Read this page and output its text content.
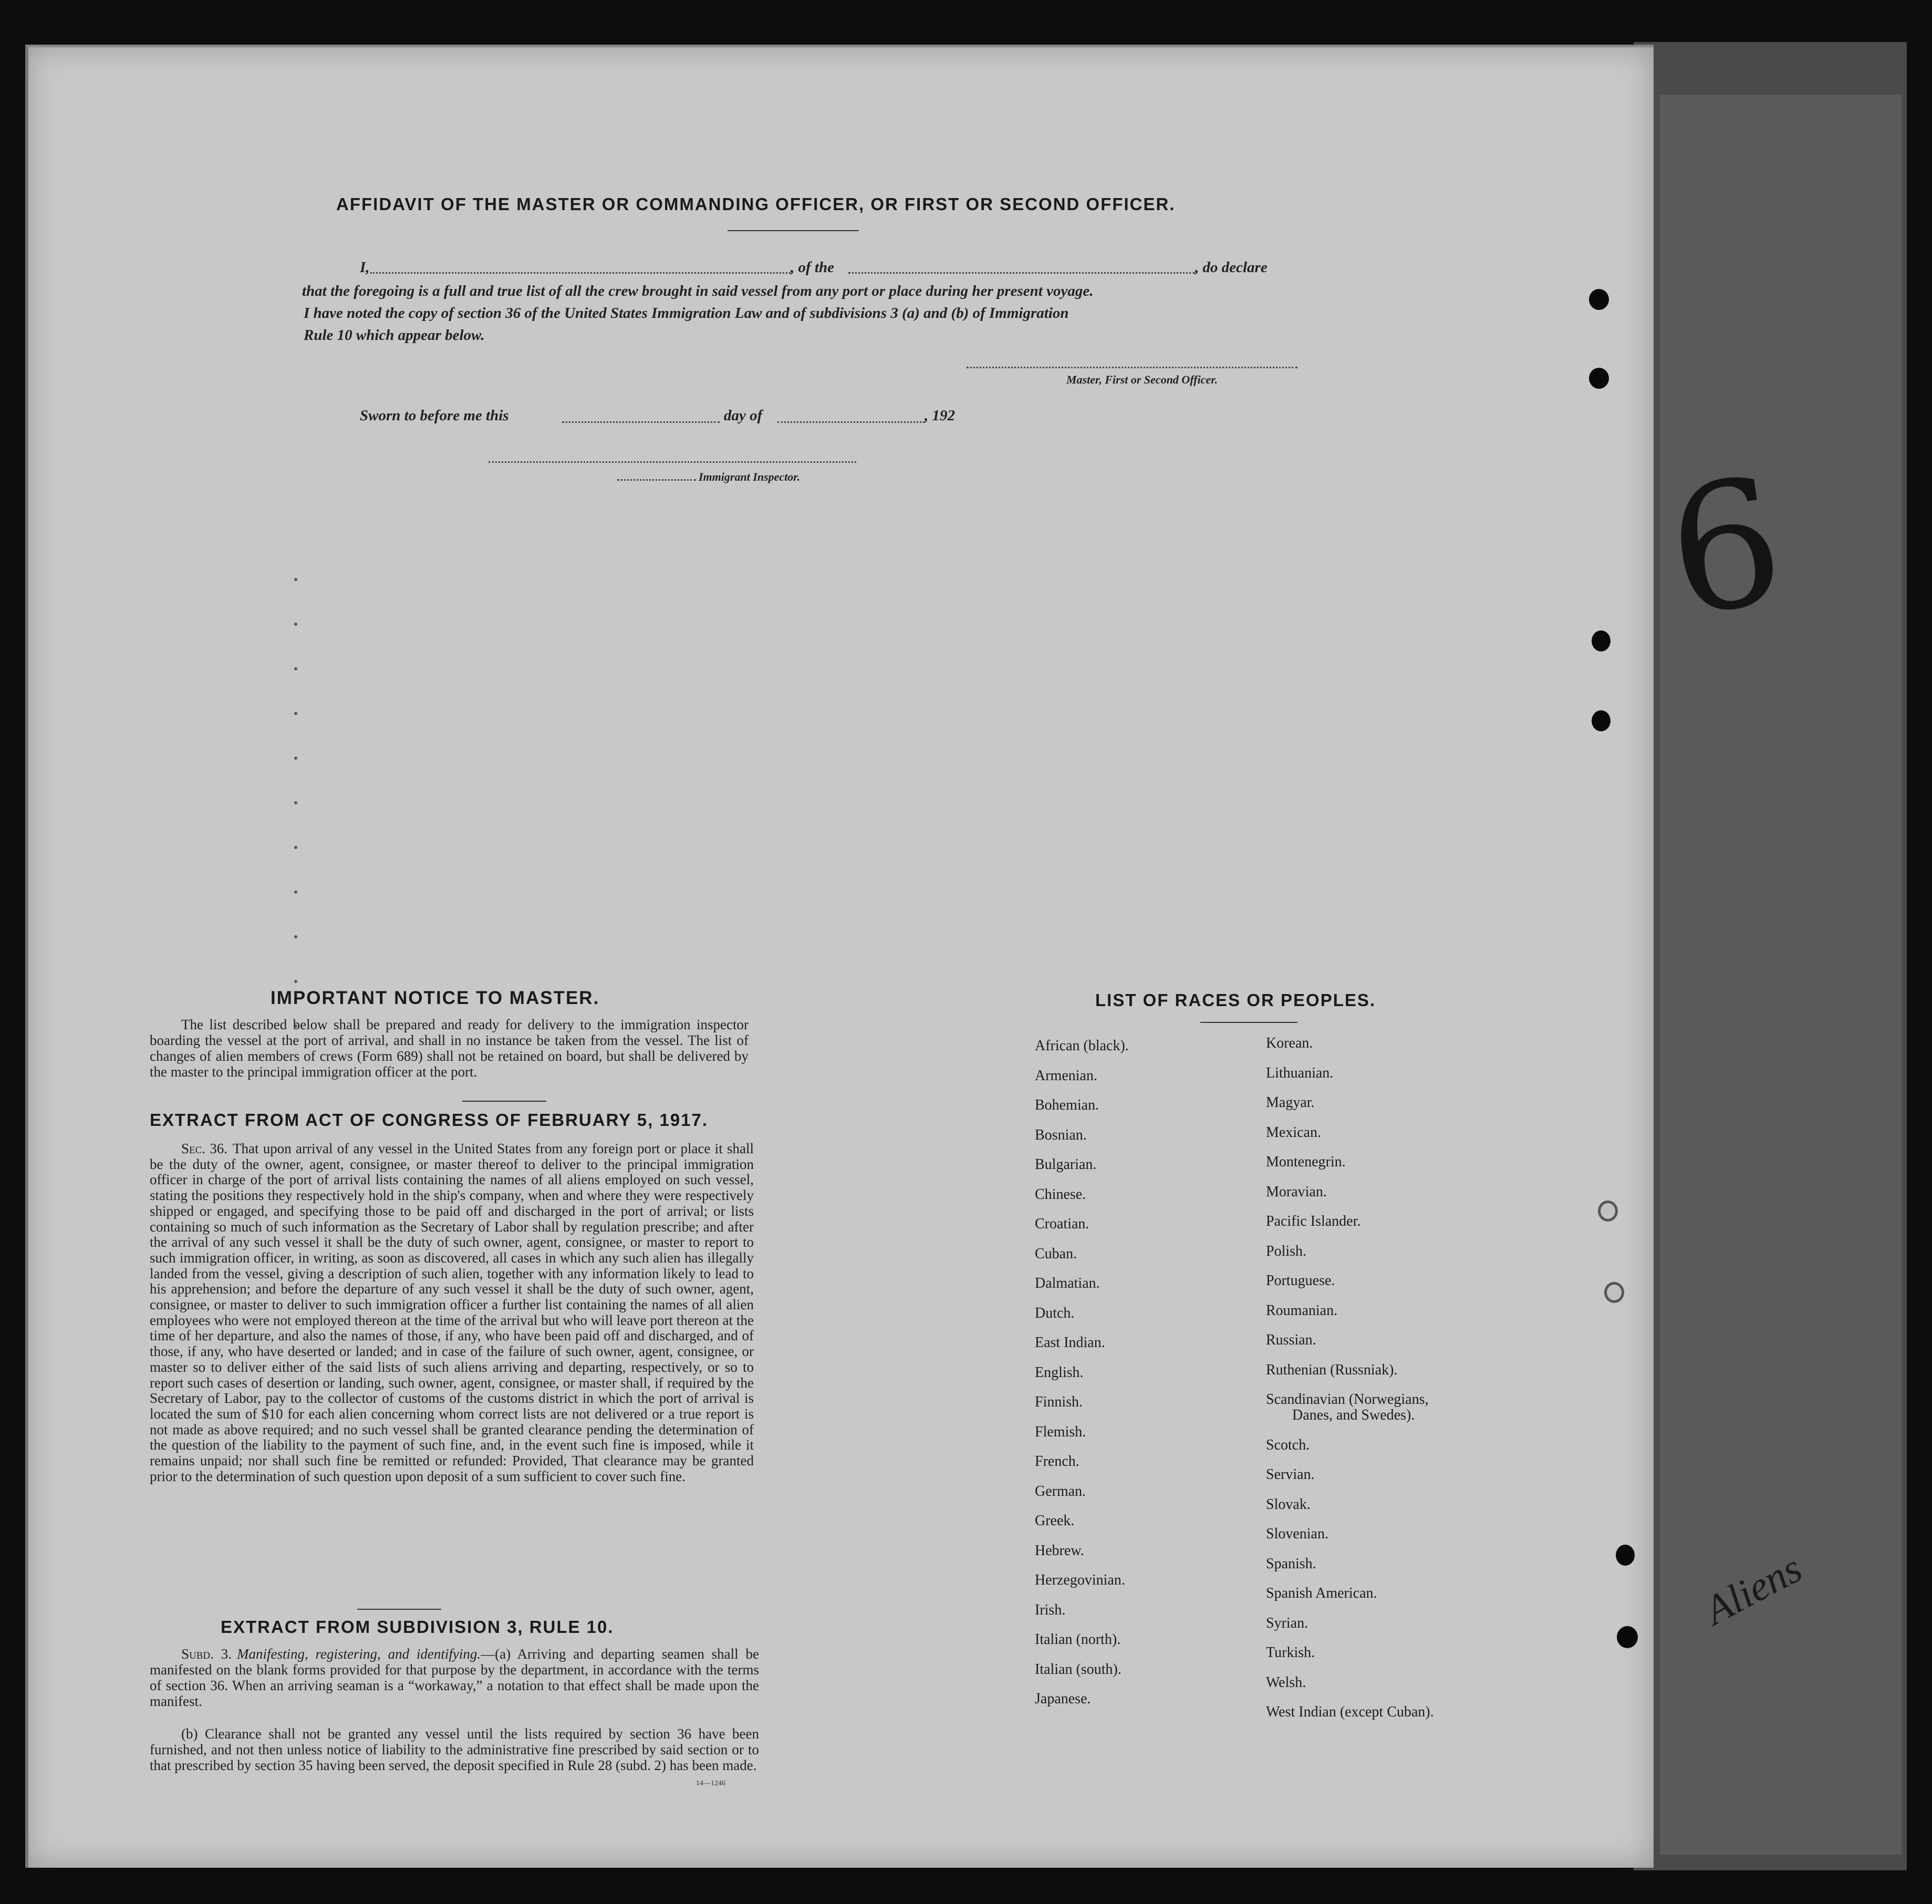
6
Aliens
AFFIDAVIT OF THE MASTER OR COMMANDING OFFICER, OR FIRST OR SECOND OFFICER.
I,	, of the	, do declare
that the foregoing is a full and true list of all the crew brought in said vessel from any port or place during her present voyage.
I have noted the copy of section 36 of the United States Immigration Law and of subdivisions 3 (a) and (b) of Immigration
Rule 10 which appear below.
Master, First or Second Officer.
Sworn to before me this	day of	, 192
Immigrant Inspector.
IMPORTANT NOTICE TO MASTER.
The list described below shall be prepared and ready for delivery to the immigration inspector boarding the vessel at the port of arrival, and shall in no instance be taken from the vessel. The list of changes of alien members of crews (Form 689) shall not be retained on board, but shall be delivered by the master to the principal immigration officer at the port.
EXTRACT FROM ACT OF CONGRESS OF FEBRUARY 5, 1917.
Sec. 36. That upon arrival of any vessel in the United States from any foreign port or place it shall be the duty of the owner, agent, consignee, or master thereof to deliver to the principal immigration officer in charge of the port of arrival lists containing the names of all aliens employed on such vessel, stating the positions they respectively hold in the ship's company, when and where they were respectively shipped or engaged, and specifying those to be paid off and discharged in the port of arrival; or lists containing so much of such information as the Secretary of Labor shall by regulation prescribe; and after the arrival of any such vessel it shall be the duty of such owner, agent, consignee, or master to report to such immigration officer, in writing, as soon as discovered, all cases in which any such alien has illegally landed from the vessel, giving a description of such alien, together with any information likely to lead to his apprehension; and before the departure of any such vessel it shall be the duty of such owner, agent, consignee, or master to deliver to such immigration officer a further list containing the names of all alien employees who were not employed thereon at the time of the arrival but who will leave port thereon at the time of her departure, and also the names of those, if any, who have been paid off and discharged, and of those, if any, who have deserted or landed; and in case of the failure of such owner, agent, consignee, or master so to deliver either of the said lists of such aliens arriving and departing, respectively, or so to report such cases of desertion or landing, such owner, agent, consignee, or master shall, if required by the Secretary of Labor, pay to the collector of customs of the customs district in which the port of arrival is located the sum of $10 for each alien concerning whom correct lists are not delivered or a true report is not made as above required; and no such vessel shall be granted clearance pending the determination of the question of the liability to the payment of such fine, and, in the event such fine is imposed, while it remains unpaid; nor shall such fine be remitted or refunded: Provided, That clearance may be granted prior to the determination of such question upon deposit of a sum sufficient to cover such fine.
EXTRACT FROM SUBDIVISION 3, RULE 10.
Subd. 3. Manifesting, registering, and identifying.—(a) Arriving and departing seamen shall be manifested on the blank forms provided for that purpose by the department, in accordance with the terms of section 36. When an arriving seaman is a “workaway,” a notation to that effect shall be made upon the manifest.
(b) Clearance shall not be granted any vessel until the lists required by section 36 have been furnished, and not then unless notice of liability to the administrative fine prescribed by said section or to that prescribed by section 35 having been served, the deposit specified in Rule 28 (subd. 2) has been made.
14—1246
LIST OF RACES OR PEOPLES.
African (black).
Armenian.
Bohemian.
Bosnian.
Bulgarian.
Chinese.
Croatian.
Cuban.
Dalmatian.
Dutch.
East Indian.
English.
Finnish.
Flemish.
French.
German.
Greek.
Hebrew.
Herzegovinian.
Irish.
Italian (north).
Italian (south).
Japanese.
Korean.
Lithuanian.
Magyar.
Mexican.
Montenegrin.
Moravian.
Pacific Islander.
Polish.
Portuguese.
Roumanian.
Russian.
Ruthenian (Russniak).
Scandinavian (Norwegians,
Danes, and Swedes).
Scotch.
Servian.
Slovak.
Slovenian.
Spanish.
Spanish American.
Syrian.
Turkish.
Welsh.
West Indian (except Cuban).
